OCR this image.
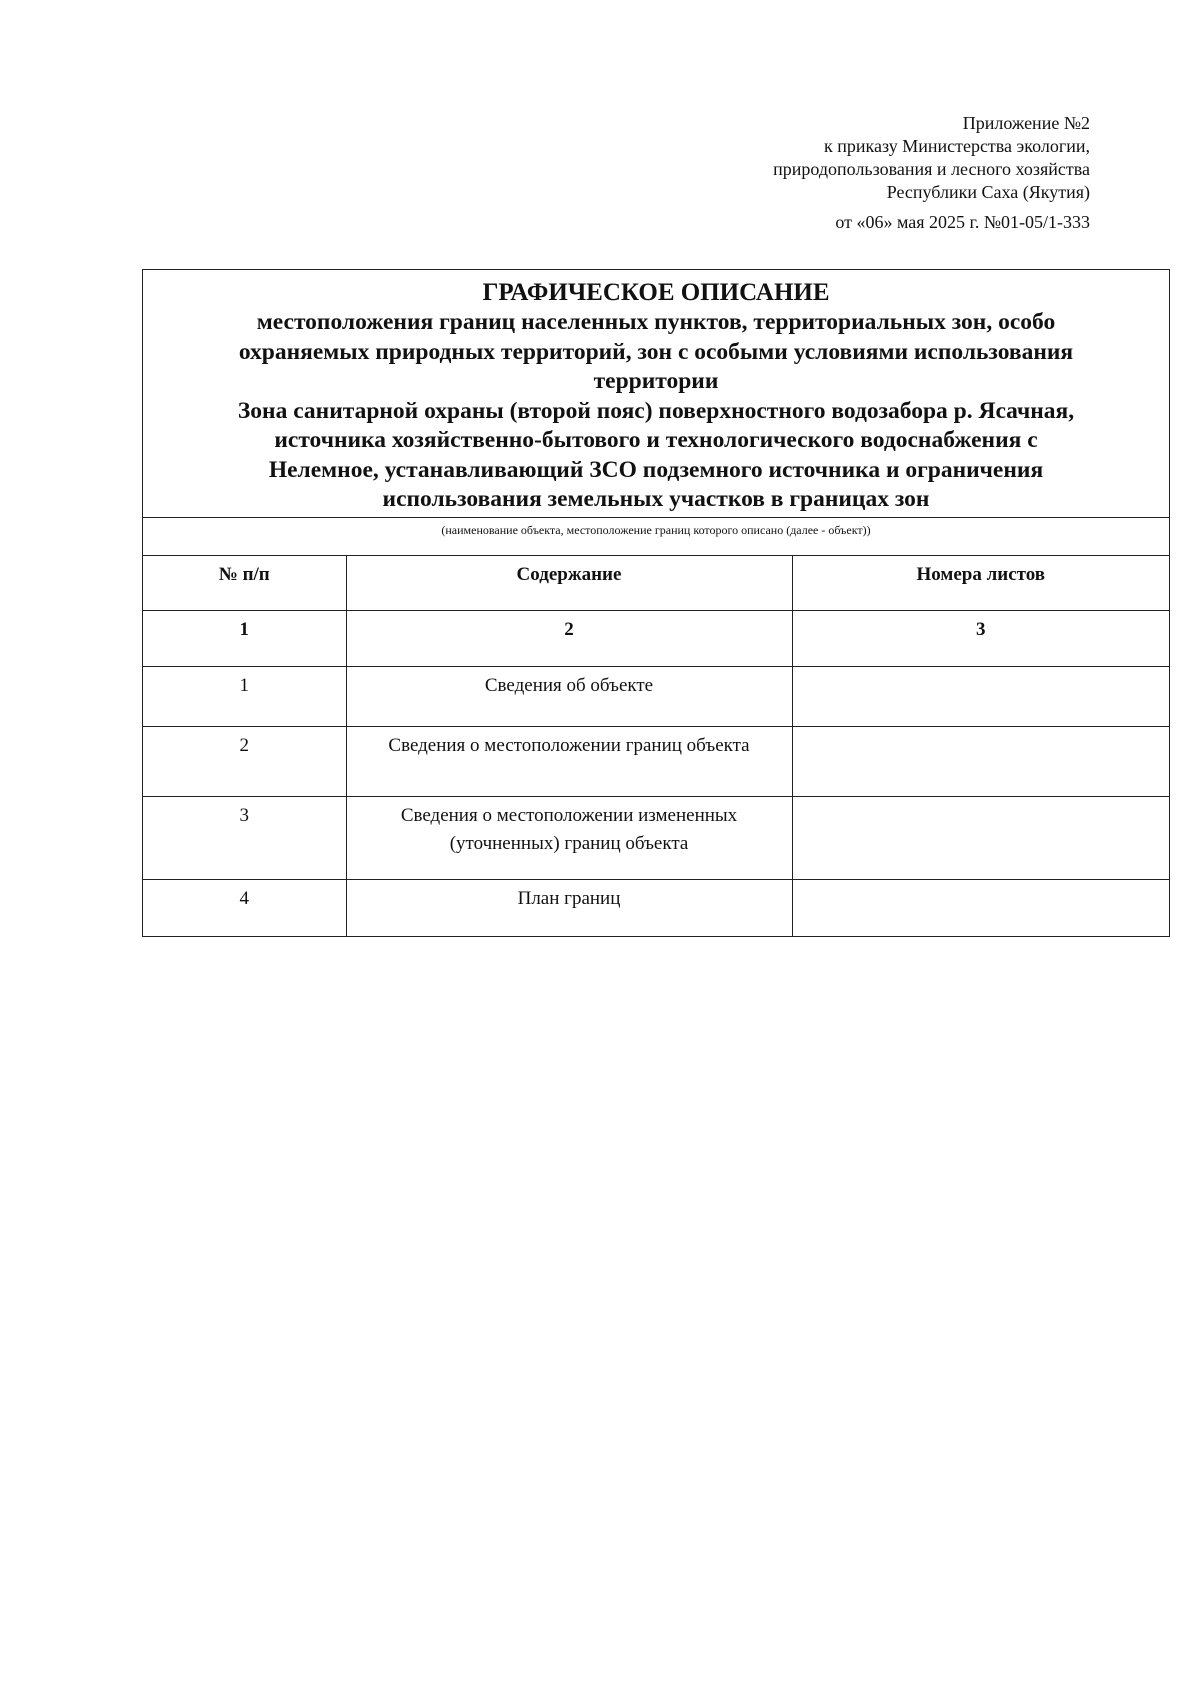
Приложение №2
к приказу Министерства экологии,
природопользования и лесного хозяйства
Республики Саха (Якутия)
от «06» мая 2025 г. №01-05/1-333
ГРАФИЧЕСКОЕ ОПИСАНИЕ
местоположения границ населенных пунктов, территориальных зон, особо
охраняемых природных территорий, зон с особыми условиями использования
территории
Зона санитарной охраны (второй пояс) поверхностного водозабора р. Ясачная,
источника хозяйственно-бытового и технологического водоснабжения с
Нелемное, устанавливающий ЗСО подземного источника и ограничения
использования земельных участков в границах зон
(наименование объекта, местоположение границ которого описано (далее - объект))
№ п/п	Содержание	Номера листов
1	2	3
1	Сведения об объекте	
2	Сведения о местоположении границ объекта	
3	Сведения о местоположении измененных (уточненных) границ объекта	
4	План границ	
